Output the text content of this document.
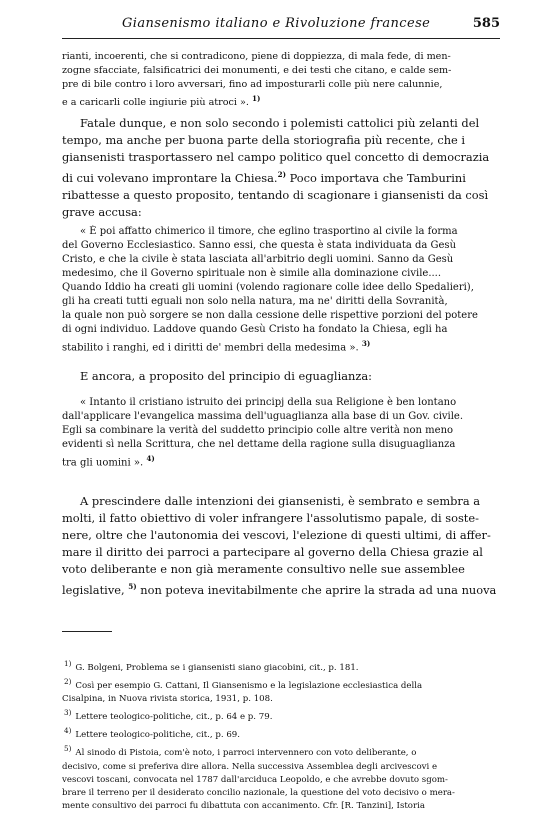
Giansenismo italiano e Rivoluzione francese	585
rianti, incoerenti, che si contradicono, piene di doppiezza, di mala fede, di men-
zogne sfacciate, falsificatrici dei monumenti, e dei testi che citano, e calde sem-
pre di bile contro i loro avversari, fino ad imposturarli colle più nere calunnie,
e a caricarli colle ingiurie più atroci ». $^{1)}$
Fatale dunque, e non solo secondo i polemisti cattolici più zelanti del
tempo, ma anche per buona parte della storiografia più recente, che i
giansenisti trasportassero nel campo politico quel concetto di democrazia
di cui volevano improntare la Chiesa.$^{2)}$ Poco importava che Tamburini
ribattesse a questo proposito, tentando di scagionare i giansenisti da così
grave accusa:
« È poi affatto chimerico il timore, che eglino trasportino al civile la forma
del Governo Ecclesiastico. Sanno essi, che questa è stata individuata da Gesù
Cristo, e che la civile è stata lasciata all'arbitrio degli uomini. Sanno da Gesù
medesimo, che il Governo spirituale non è simile alla dominazione civile....
Quando Iddio ha creati gli uomini (volendo ragionare colle idee dello Spedalieri),
gli ha creati tutti eguali non solo nella natura, ma ne' diritti della Sovranità,
la quale non può sorgere se non dalla cessione delle rispettive porzioni del potere
di ogni individuo. Laddove quando Gesù Cristo ha fondato la Chiesa, egli ha
stabilito i ranghi, ed i diritti de' membri della medesima ». $^{3)}$
E ancora, a proposito del principio di eguaglianza:
« Intanto il cristiano istruito dei principj della sua Religione è ben lontano
dall'applicare l'evangelica massima dell'uguaglianza alla base di un Gov. civile.
Egli sa combinare la verità del suddetto principio colle altre verità non meno
evidenti sì nella Scrittura, che nel dettame della ragione sulla disuguaglianza
tra gli uomini ». $^{4)}$
A prescindere dalle intenzioni dei giansenisti, è sembrato e sembra a
molti, il fatto obiettivo di voler infrangere l'assolutismo papale, di soste-
nere, oltre che l'autonomia dei vescovi, l'elezione di questi ultimi, di affer-
mare il diritto dei parroci a partecipare al governo della Chiesa grazie al
voto deliberante e non già meramente consultivo nelle sue assemblee
legislative, $^{5)}$ non poteva inevitabilmente che aprire la strada ad una nuova
$^{1)}$ G. Bolgeni, Problema se i giansenisti siano giacobini, cit., p. 181.
$^{2)}$ Così per esempio G. Cattani, Il Giansenismo e la legislazione ecclesiastica della
Cisalpina, in Nuova rivista storica, 1931, p. 108.
$^{3)}$ Lettere teologico-politiche, cit., p. 64 e p. 79.
$^{4)}$ Lettere teologico-politiche, cit., p. 69.
$^{5)}$ Al sinodo di Pistoia, com'è noto, i parroci intervennero con voto deliberante, o
decisivo, come si preferiva dire allora. Nella successiva Assemblea degli arcivescovi e
vescovi toscani, convocata nel 1787 dall'arciduca Leopoldo, e che avrebbe dovuto sgom-
brare il terreno per il desiderato concilio nazionale, la questione del voto decisivo o mera-
mente consultivo dei parroci fu dibattuta con accanimento. Cfr. [R. Tanzini], Istoria
